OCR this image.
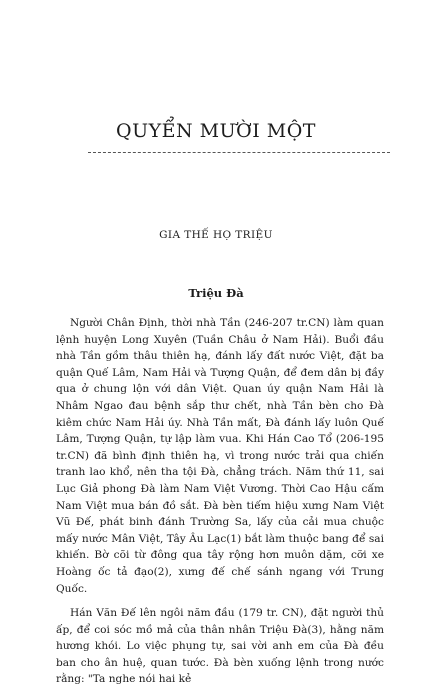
QUYỂN MƯỜI MỘT
GIA THẾ HỌ TRIỆU
Triệu Đà

Người Chân Định, thời nhà Tần (246-207 tr.CN) làm quan lệnh huyện Long Xuyên (Tuần Châu ở Nam Hải). Buổi đầu nhà Tần gồm thâu thiên hạ, đánh lấy đất nước Việt, đặt ba quận Quế Lâm, Nam Hải và Tượng Quận, để đem dân bị đầy qua ở chung lộn với dân Việt. Quan úy quận Nam Hải là Nhâm Ngao đau bệnh sắp thư chết, nhà Tần bèn cho Đà kiêm chức Nam Hải úy. Nhà Tần mất, Đà đánh lấy luôn Quế Lâm, Tượng Quận, tự lập làm vua. Khi Hán Cao Tổ (206-195 tr.CN) đã bình định thiên hạ, vì trong nước trải qua chiến tranh lao khổ, nên tha tội Đà, chẳng trách. Năm thứ 11, sai Lục Giả phong Đà làm Nam Việt Vương. Thời Cao Hậu cấm Nam Việt mua bán đồ sắt. Đà bèn tiếm hiệu xưng Nam Việt Vũ Đế, phát binh đánh Trường Sa, lấy của cải mua chuộc mấy nước Mân Việt, Tây Âu Lạc(1) bắt làm thuộc bang để sai khiến. Bờ cõi từ đông qua tây rộng hơn muôn dặm, cỡi xe Hoàng ốc tả đạo(2), xưng đế chế sánh ngang với Trung Quốc.

Hán Văn Đế lên ngôi năm đầu (179 tr. CN), đặt người thủ ấp, để coi sóc mồ mả của thân nhân Triệu Đà(3), hằng năm hương khói. Lo việc phụng tự, sai vời anh em của Đà đều ban cho ân huệ, quan tước. Đà bèn xuống lệnh trong nước rằng: "Ta nghe nói hai kẻ
